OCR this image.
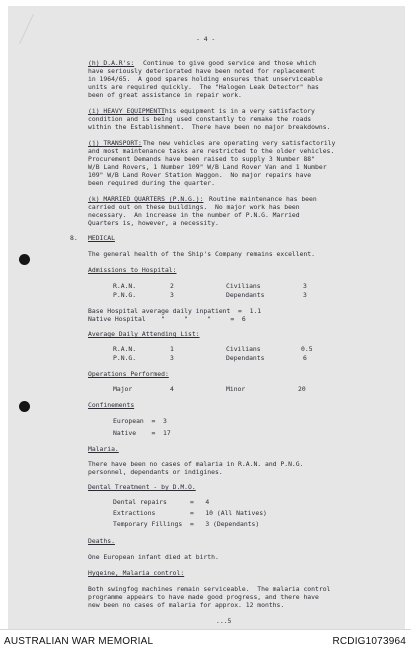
- 4 -
(h) D.A.R's: Continue to give good service and those which
have seriously deteriorated have been noted for replacement
in 1964/65.  A good spares holding ensures that unserviceable
units are required quickly.  The "Halogen Leak Detector" has
been of great assistance in repair work.
(i) HEAVY EQUIPMENT:
This equipment is in a very satisfactory
condition and is being used constantly to remake the roads
within the Establishment.  There have been no major breakdowns.
(j) TRANSPORT: The new vehicles are operating very satisfactorily
and most maintenance tasks are restricted to the older vehicles.
Procurement Demands have been raised to supply 3 Number 88"
W/B Land Rovers, 1 Number 109" W/B Land Rover Van and 1 Number
109" W/B Land Rover Station Waggon.  No major repairs have
been required during the quarter.
(k) MARRIED QUARTERS (P.N.G.): Routine maintenance has been
carried out on these buildings.  No major work has been
necessary.  An increase in the number of P.N.G. Married
Quarters is, however, a necessity.
8. MEDICAL
The general health of the Ship's Company remains excellent.
Admissions to Hospital:
R.A.N.	2	Civilians	3
P.N.G.	3	Dependants	3
Base Hospital average daily inpatient  =  1.1
Native Hospital    "     "     "     =  6
Average Daily Attending List:
R.A.N.	1	Civilians	0.5
P.N.G.	3	Dependants	6
Operations Performed:
Major	4	Minor	20
Confinements
European  =  3
Native    =  17
Malaria.
There have been no cases of malaria in R.A.N. and P.N.G.
personnel, dependants or indigines.
Dental Treatment - by D.M.O.
Dental repairs      =   4
Extractions         =   10 (All Natives)
Temporary Fillings  =   3 (Dependants)
Deaths.
One European infant died at birth.
Hygeine, Malaria control:
Both swingfog machines remain serviceable.  The malaria control
programme appears to have made good progress, and there have
new been no cases of malaria for approx. 12 months.
...5
AUSTRALIAN WAR MEMORIAL	RCDIG1073964
